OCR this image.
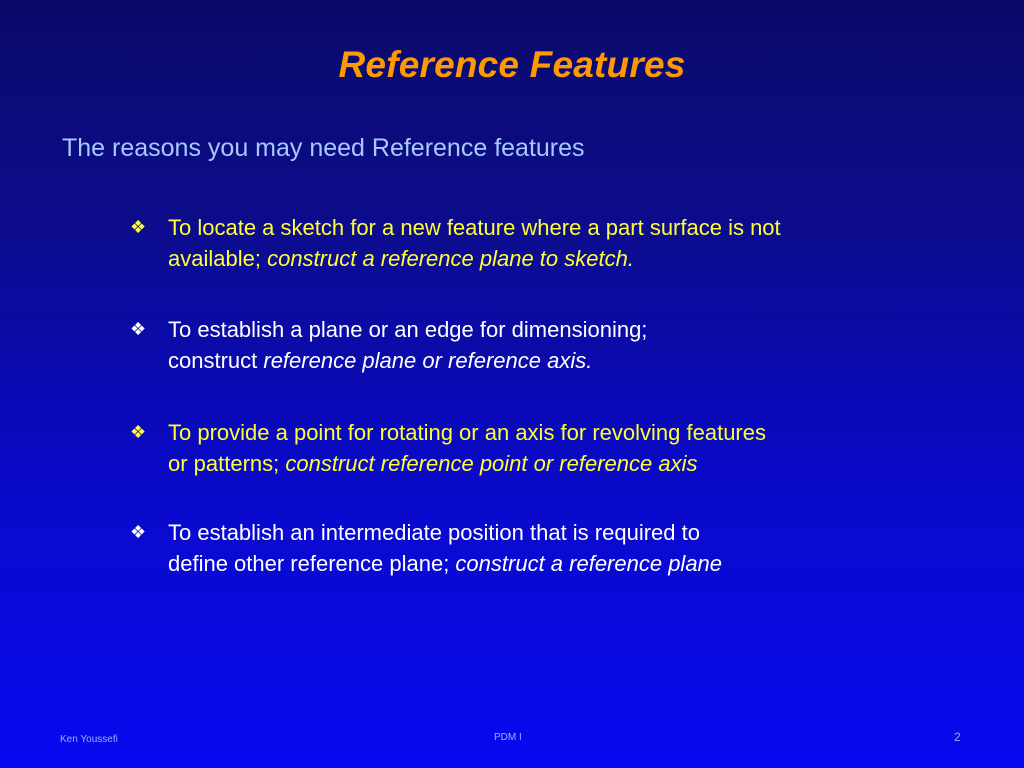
Reference Features
The reasons you may need Reference features
❖ To locate a sketch for a new feature where a part surface is not
available; construct a reference plane to sketch.
❖ To establish a plane or an edge for dimensioning;
construct reference plane or reference axis.
❖ To provide a point for rotating or an axis for revolving features
or patterns; construct reference point or reference axis
❖ To establish an intermediate position that is required to
define other reference plane; construct a reference plane
Ken Youssefi	PDM I	2
